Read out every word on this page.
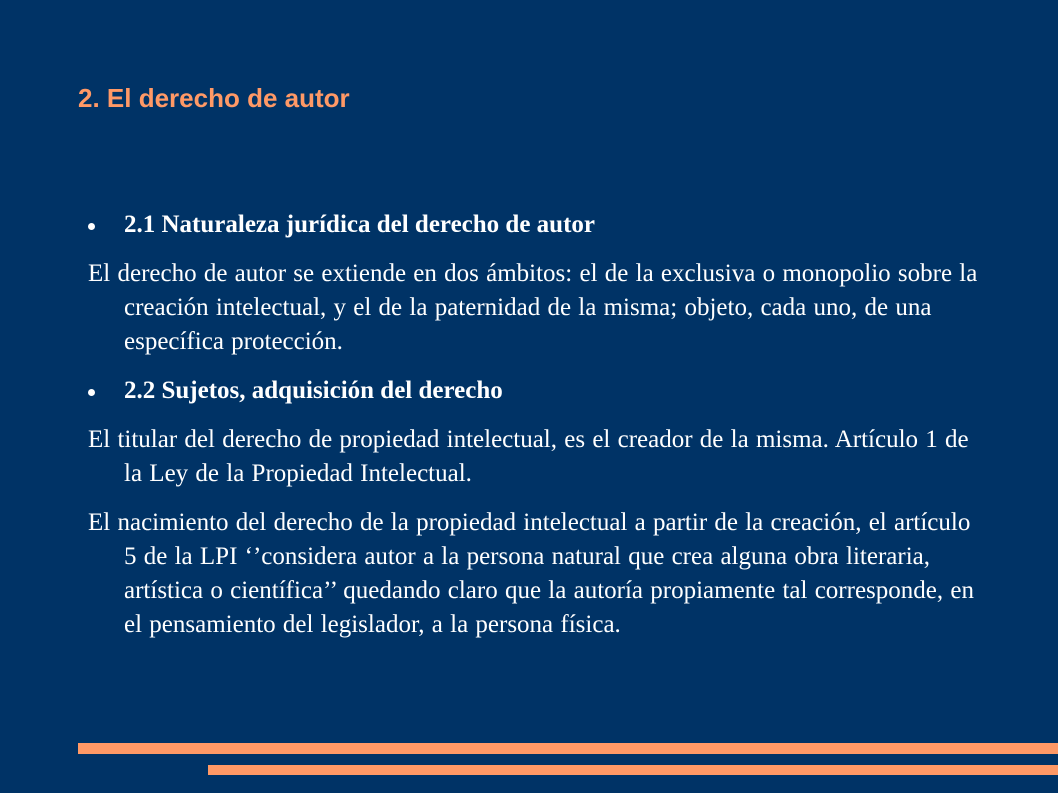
2. El derecho de autor
2.1 Naturaleza jurídica del derecho de autor
El derecho de autor se extiende en dos ámbitos: el de la exclusiva o monopolio sobre la creación intelectual, y el de la paternidad de la misma; objeto, cada uno, de una específica protección.
2.2 Sujetos, adquisición del derecho
El titular del derecho de propiedad intelectual, es el creador de la misma. Artículo 1 de la Ley de la Propiedad Intelectual.
El nacimiento del derecho de la propiedad intelectual a partir de la creación, el artículo 5 de la LPI ‘’considera autor a la persona natural que crea alguna obra literaria, artística o científica’’ quedando claro que la autoría propiamente tal corresponde, en el pensamiento del legislador, a la persona física.
